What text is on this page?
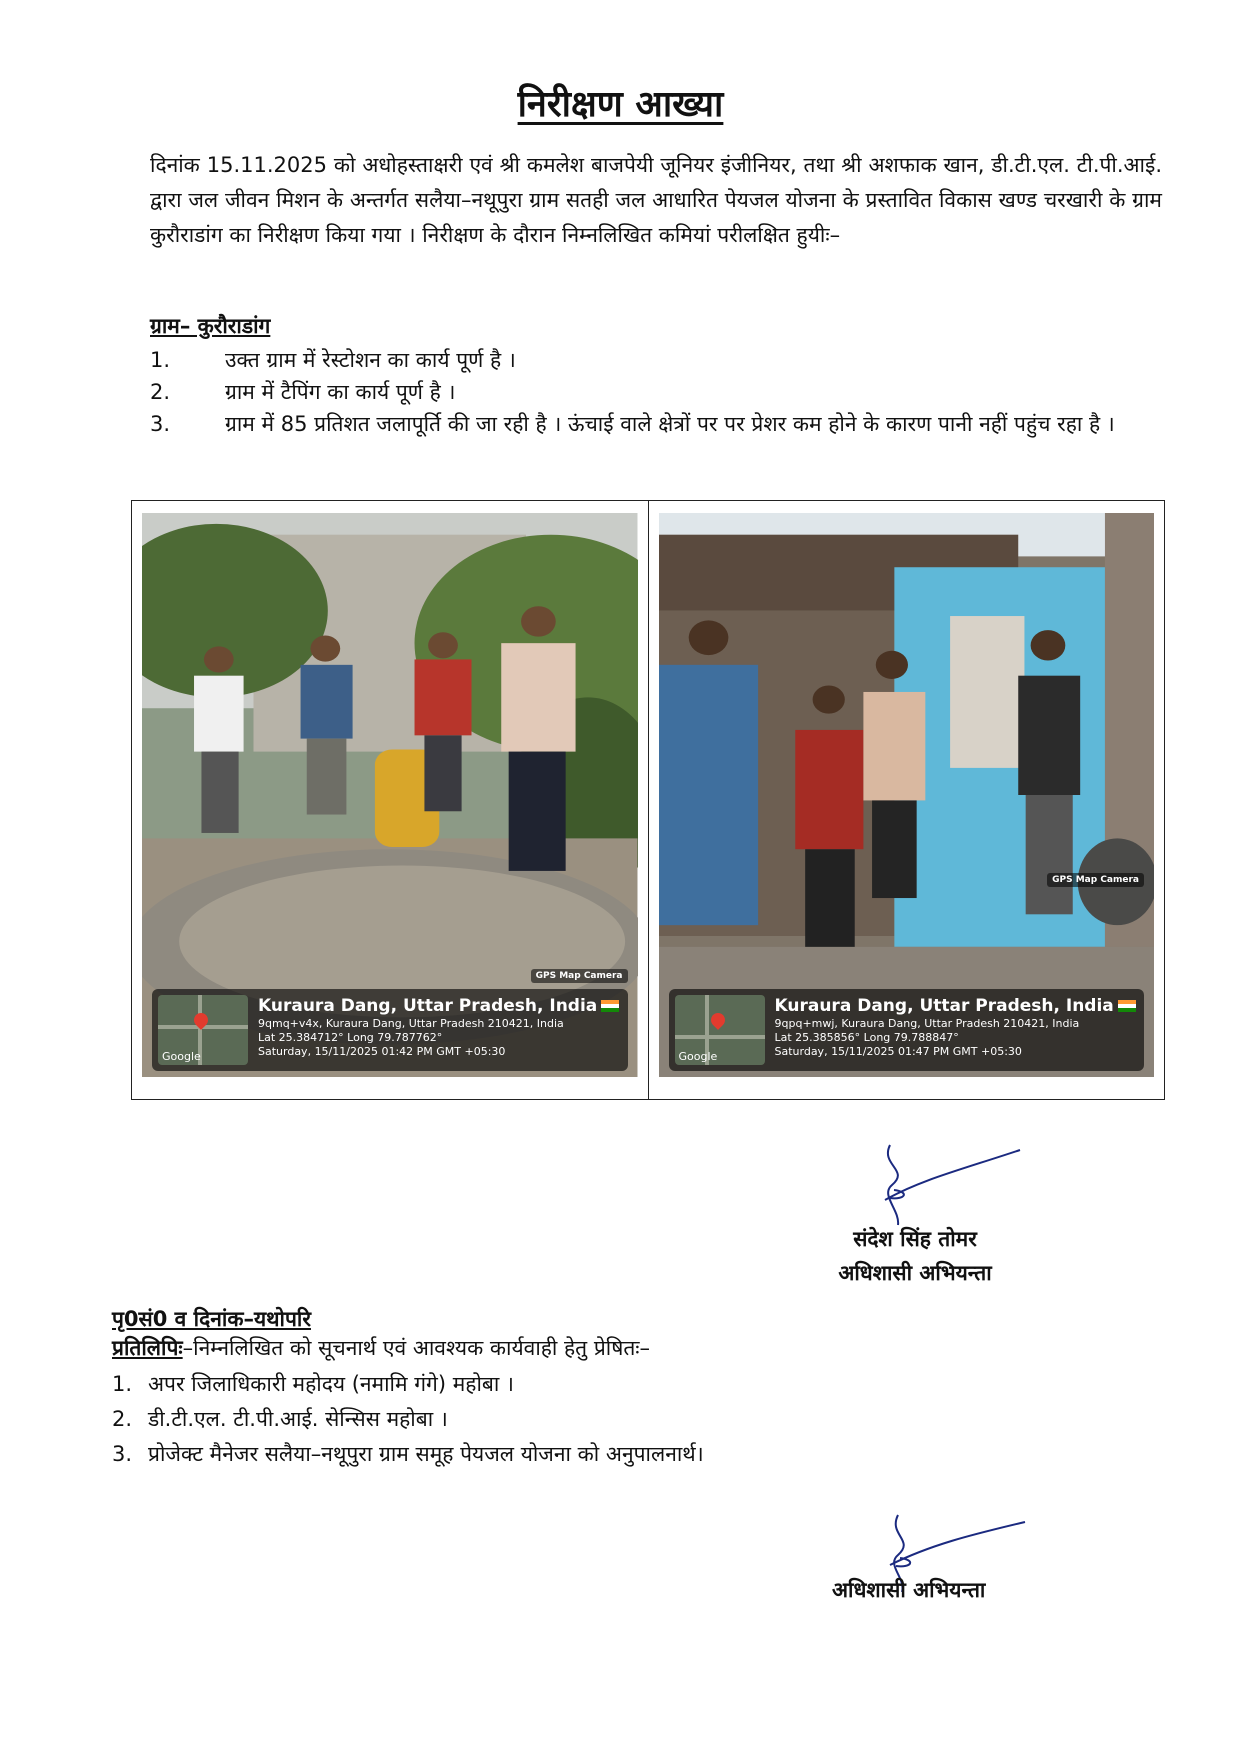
निरीक्षण आख्या
दिनांक 15.11.2025 को अधोहस्ताक्षरी एवं श्री कमलेश बाजपेयी जूनियर इंजीनियर, तथा श्री अशफाक खान, डी.टी.एल. टी.पी.आई. द्वारा जल जीवन मिशन के अन्तर्गत सलैया–नथूपुरा ग्राम सतही जल आधारित पेयजल योजना के प्रस्तावित विकास खण्ड चरखारी के ग्राम कुरौराडांग का निरीक्षण किया गया । निरीक्षण के दौरान निम्नलिखित कमियां परीलक्षित हुयीः–
ग्राम– कुरौराडांग
1.	उक्त ग्राम में रेस्टोशन का कार्य पूर्ण है ।
2.	ग्राम में टैपिंग का कार्य पूर्ण है ।
3.	ग्राम में 85 प्रतिशत जलापूर्ति की जा रही है । ऊंचाई वाले क्षेत्रों पर पर प्रेशर कम होने के कारण पानी नहीं पहुंच रहा है ।
GPS Map Camera
Google
Kuraura Dang, Uttar Pradesh, India
9qmq+v4x, Kuraura Dang, Uttar Pradesh 210421, India
Lat 25.384712° Long 79.787762°
Saturday, 15/11/2025 01:42 PM GMT +05:30
GPS Map Camera
Google
Kuraura Dang, Uttar Pradesh, India
9qpq+mwj, Kuraura Dang, Uttar Pradesh 210421, India
Lat 25.385856° Long 79.788847°
Saturday, 15/11/2025 01:47 PM GMT +05:30
संदेश सिंह तोमर
अधिशासी अभियन्ता
पृ0सं0 व दिनांक–यथोपरि
प्रतिलिपिः–निम्नलिखित को सूचनार्थ एवं आवश्यक कार्यवाही हेतु प्रेषितः–
1. अपर जिलाधिकारी महोदय (नमामि गंगे) महोबा ।
2. डी.टी.एल. टी.पी.आई. सेन्सिस महोबा ।
3. प्रोजेक्ट मैनेजर सलैया–नथूपुरा ग्राम समूह पेयजल योजना को अनुपालनार्थ।
अधिशासी अभियन्ता
